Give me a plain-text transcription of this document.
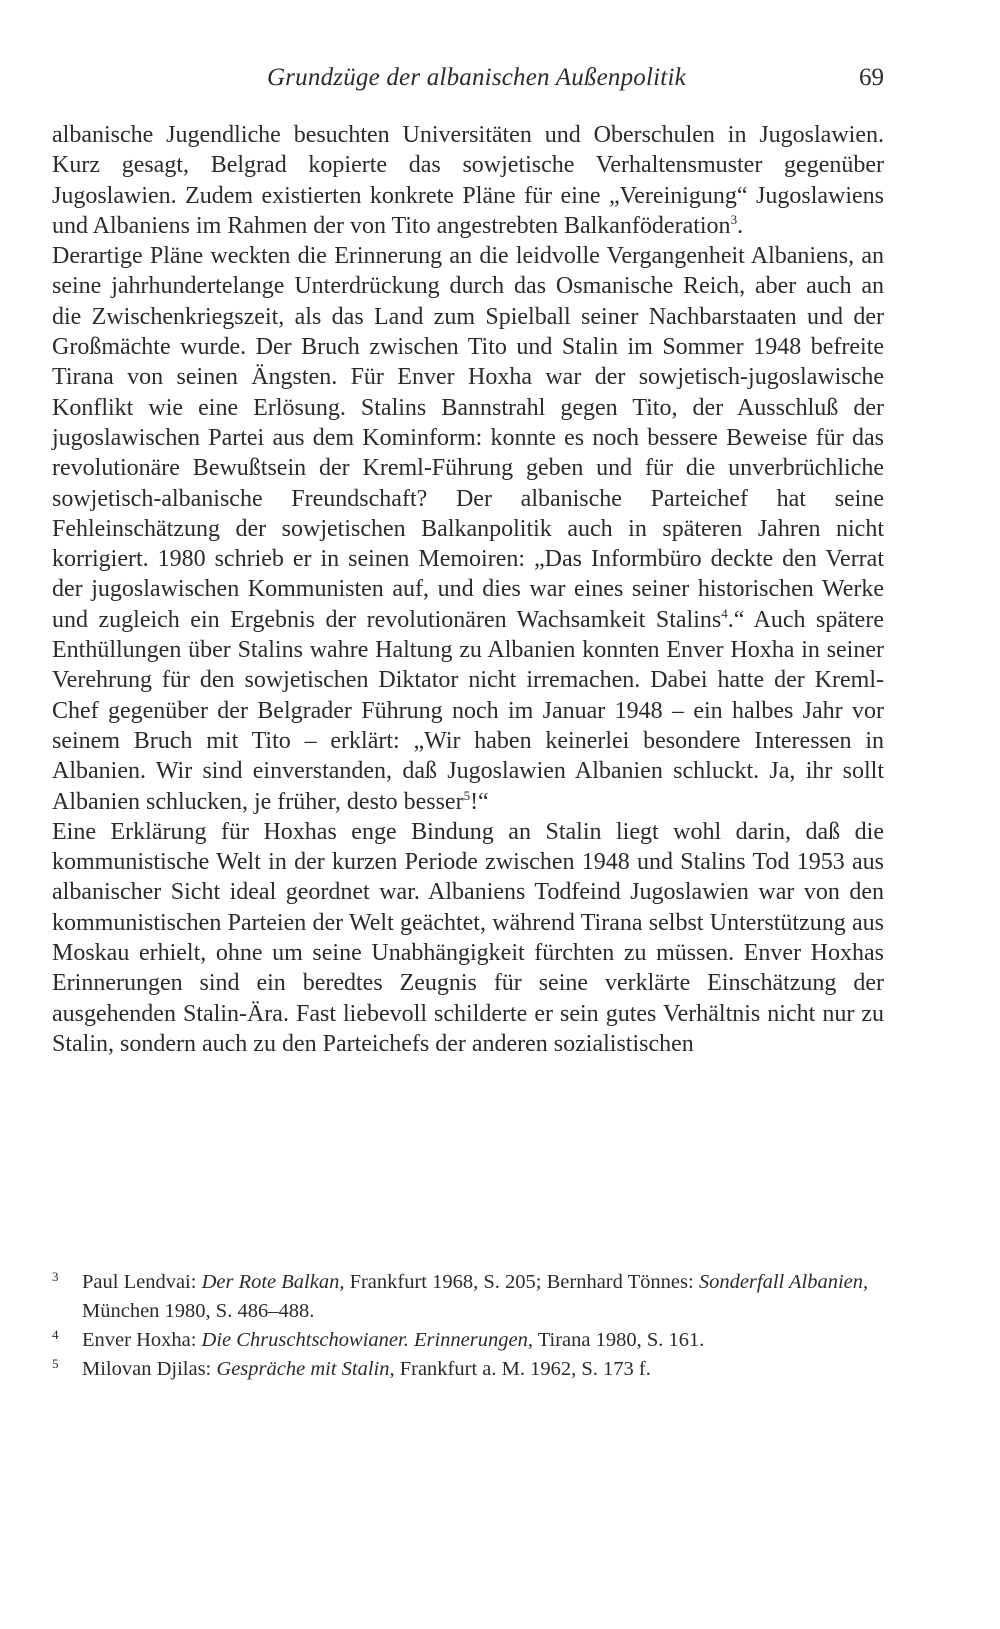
Grundzüge der albanischen Außenpolitik	69

albanische Jugendliche besuchten Universitäten und Oberschulen in Jugoslawien. Kurz gesagt, Belgrad kopierte das sowjetische Verhaltensmuster gegenüber Jugoslawien. Zudem existierten konkrete Pläne für eine „Vereinigung“ Jugoslawiens und Albaniens im Rahmen der von Tito angestrebten Balkanföderation$^3$.

Derartige Pläne weckten die Erinnerung an die leidvolle Vergangenheit Albaniens, an seine jahrhundertelange Unterdrückung durch das Osmanische Reich, aber auch an die Zwischenkriegszeit, als das Land zum Spielball seiner Nachbarstaaten und der Großmächte wurde. Der Bruch zwischen Tito und Stalin im Sommer 1948 befreite Tirana von seinen Ängsten. Für Enver Hoxha war der sowjetisch-jugoslawische Konflikt wie eine Erlösung. Stalins Bannstrahl gegen Tito, der Ausschluß der jugoslawischen Partei aus dem Kominform: konnte es noch bessere Beweise für das revolutionäre Bewußtsein der Kreml-Führung geben und für die unverbrüchliche sowjetisch-albanische Freundschaft? Der albanische Parteichef hat seine Fehleinschätzung der sowjetischen Balkanpolitik auch in späteren Jahren nicht korrigiert. 1980 schrieb er in seinen Memoiren: „Das Informbüro deckte den Verrat der jugoslawischen Kommunisten auf, und dies war eines seiner historischen Werke und zugleich ein Ergebnis der revolutionären Wachsamkeit Stalins$^4$.“ Auch spätere Enthüllungen über Stalins wahre Haltung zu Albanien konnten Enver Hoxha in seiner Verehrung für den sowjetischen Diktator nicht irremachen. Dabei hatte der Kreml-Chef gegenüber der Belgrader Führung noch im Januar 1948 – ein halbes Jahr vor seinem Bruch mit Tito – erklärt: „Wir haben keinerlei besondere Interessen in Albanien. Wir sind einverstanden, daß Jugoslawien Albanien schluckt. Ja, ihr sollt Albanien schlucken, je früher, desto besser$^5$!“

Eine Erklärung für Hoxhas enge Bindung an Stalin liegt wohl darin, daß die kommunistische Welt in der kurzen Periode zwischen 1948 und Stalins Tod 1953 aus albanischer Sicht ideal geordnet war. Albaniens Todfeind Jugoslawien war von den kommunistischen Parteien der Welt geächtet, während Tirana selbst Unterstützung aus Moskau erhielt, ohne um seine Unabhängigkeit fürchten zu müssen. Enver Hoxhas Erinnerungen sind ein beredtes Zeugnis für seine verklärte Einschätzung der ausgehenden Stalin-Ära. Fast liebevoll schilderte er sein gutes Verhältnis nicht nur zu Stalin, sondern auch zu den Parteichefs der anderen sozialistischen

3 Paul Lendvai: Der Rote Balkan, Frankfurt 1968, S. 205; Bernhard Tönnes: Sonderfall Albanien, München 1980, S. 486–488.

4 Enver Hoxha: Die Chruschtschowianer. Erinnerungen, Tirana 1980, S. 161.

5 Milovan Djilas: Gespräche mit Stalin, Frankfurt a. M. 1962, S. 173 f.
